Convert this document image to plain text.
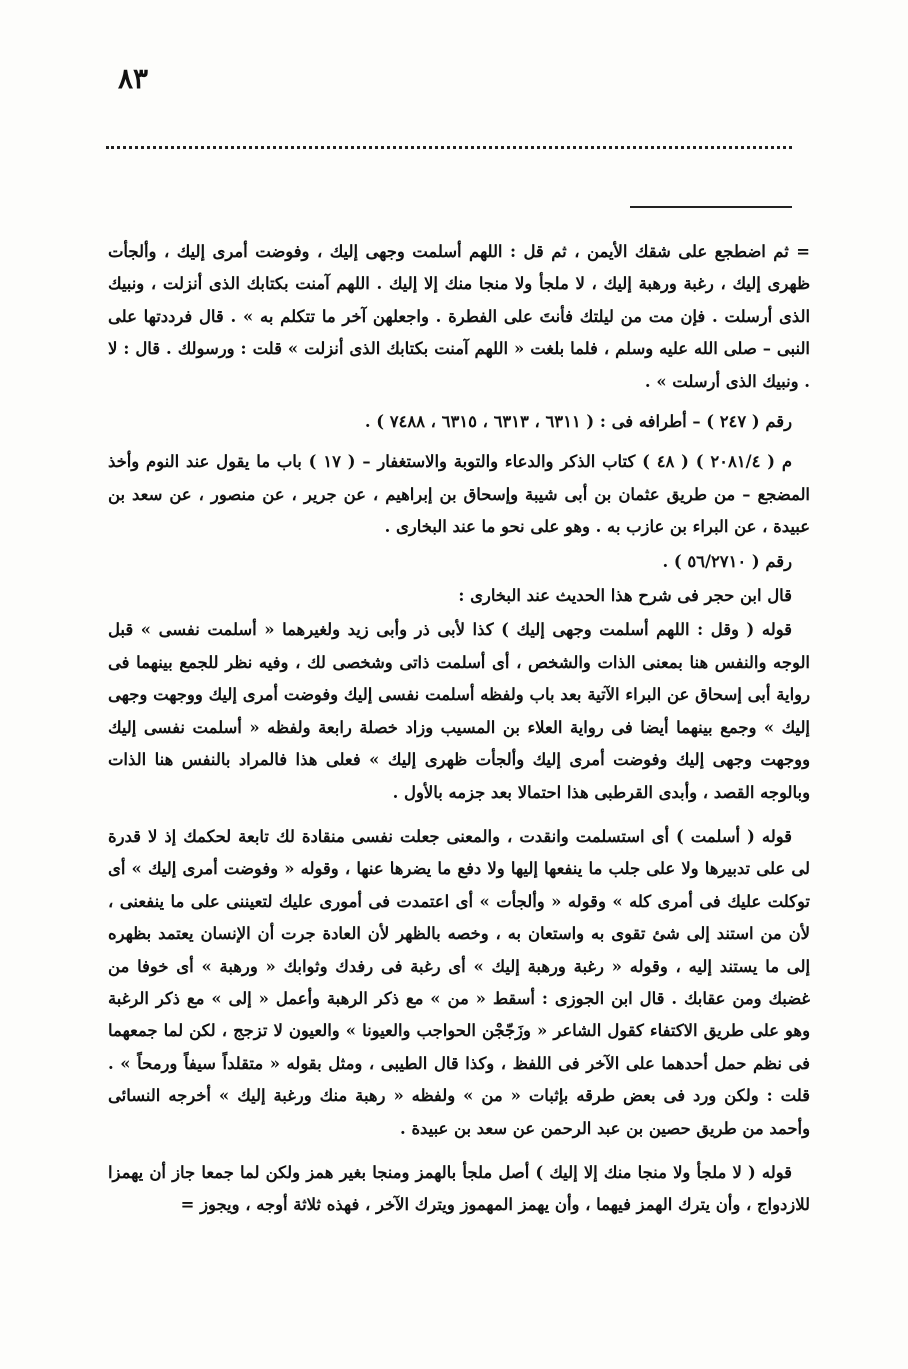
٨٣

= ثم اضطجع على شقك الأيمن ، ثم قل : اللهم أسلمت وجهى إليك ، وفوضت أمرى إليك ، وألجأت ظهرى إليك ، رغبة ورهبة إليك ، لا ملجأ ولا منجا منك إلا إليك . اللهم آمنت بكتابك الذى أنزلت ، ونبيك الذى أرسلت . فإن مت من ليلتك فأنتَ على الفطرة . واجعلهن آخر ما تتكلم به » . قال فرددتها على النبى – صلى الله عليه وسلم ، فلما بلغت « اللهم آمنت بكتابك الذى أنزلت » قلت : ورسولك . قال : لا . ونبيك الذى أرسلت » .

رقم ( ٢٤٧ ) – أطرافه فى : ( ٦٣١١ ، ٦٣١٣ ، ٦٣١٥ ، ٧٤٨٨ ) .

م ( ٢٠٨١/٤ ) ( ٤٨ ) كتاب الذكر والدعاء والتوبة والاستغفار – ( ١٧ ) باب ما يقول عند النوم وأخذ المضجع – من طريق عثمان بن أبى شيبة وإسحاق بن إبراهيم ، عن جرير ، عن منصور ، عن سعد بن عبيدة ، عن البراء بن عازب به . وهو على نحو ما عند البخارى .

رقم ( ٥٦/٢٧١٠ ) .

قال ابن حجر فى شرح هذا الحديث عند البخارى :

قوله ( وقل : اللهم أسلمت وجهى إليك ) كذا لأبى ذر وأبى زيد ولغيرهما « أسلمت نفسى » قبل الوجه والنفس هنا بمعنى الذات والشخص ، أى أسلمت ذاتى وشخصى لك ، وفيه نظر للجمع بينهما فى رواية أبى إسحاق عن البراء الآتية بعد باب ولفظه أسلمت نفسى إليك وفوضت أمرى إليك ووجهت وجهى إليك » وجمع بينهما أيضا فى رواية العلاء بن المسيب وزاد خصلة رابعة ولفظه « أسلمت نفسى إليك ووجهت وجهى إليك وفوضت أمرى إليك وألجأت ظهرى إليك » فعلى هذا فالمراد بالنفس هنا الذات وبالوجه القصد ، وأبدى القرطبى هذا احتمالا بعد جزمه بالأول .

قوله ( أسلمت ) أى استسلمت وانقدت ، والمعنى جعلت نفسى منقادة لك تابعة لحكمك إذ لا قدرة لى على تدبيرها ولا على جلب ما ينفعها إليها ولا دفع ما يضرها عنها ، وقوله « وفوضت أمرى إليك » أى توكلت عليك فى أمرى كله » وقوله « وألجأت » أى اعتمدت فى أمورى عليك لتعيننى على ما ينفعنى ، لأن من استند إلى شئ تقوى به واستعان به ، وخصه بالظهر لأن العادة جرت أن الإنسان يعتمد بظهره إلى ما يستند إليه ، وقوله « رغبة ورهبة إليك » أى رغبة فى رفدك وثوابك « ورهبة » أى خوفا من غضبك ومن عقابك . قال ابن الجوزى : أسقط « من » مع ذكر الرهبة وأعمل « إلى » مع ذكر الرغبة وهو على طريق الاكتفاء كقول الشاعر « وزَجّجْن الحواجب والعيونا » والعيون لا تزجج ، لكن لما جمعهما فى نظم حمل أحدهما على الآخر فى اللفظ ، وكذا قال الطيبى ، ومثل بقوله « متقلداً سيفاً ورمحاً » . قلت : ولكن ورد فى بعض طرقه بإثبات « من » ولفظه « رهبة منك ورغبة إليك » أخرجه النسائى وأحمد من طريق حصين بن عبد الرحمن عن سعد بن عبيدة .

قوله ( لا ملجأ ولا منجا منك إلا إليك ) أصل ملجأ بالهمز ومنجا بغير همز ولكن لما جمعا جاز أن يهمزا للازدواج ، وأن يترك الهمز فيهما ، وأن يهمز المهموز ويترك الآخر ، فهذه ثلاثة أوجه ، ويجوز =
